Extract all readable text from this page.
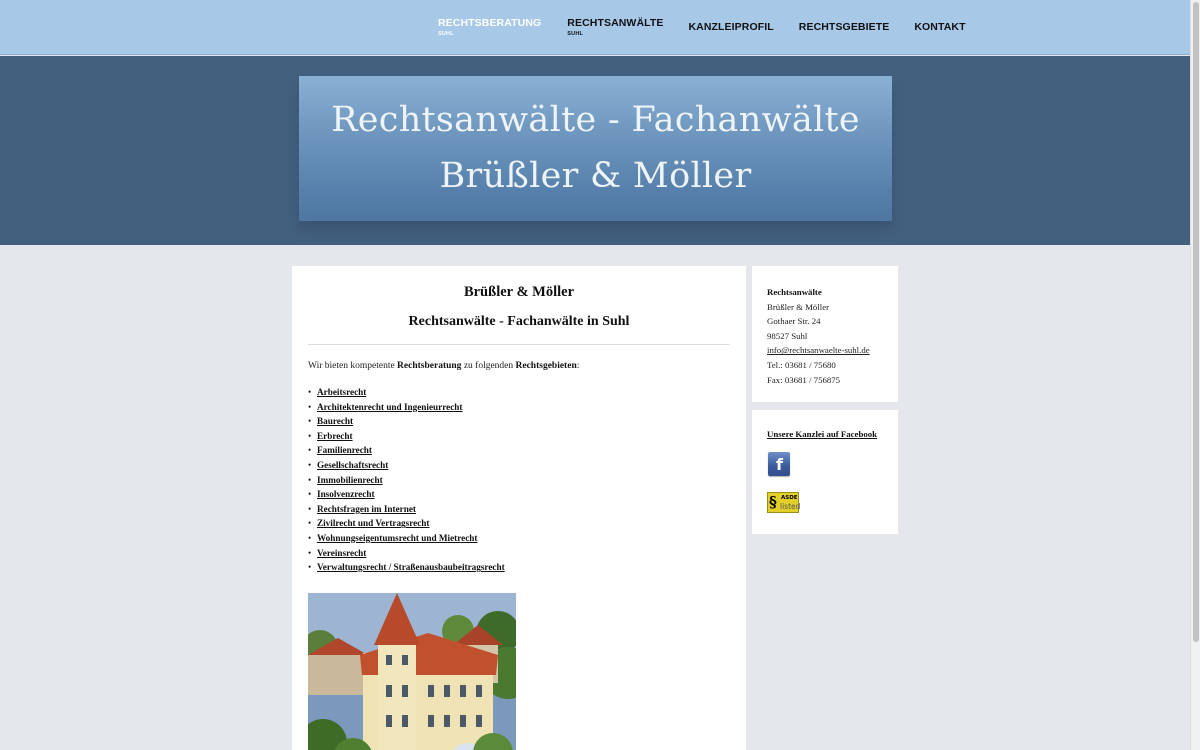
RECHTSBERATUNG
SUHL
RECHTSANWÄLTE
SUHL
KANZLEIPROFIL RECHTSGEBIETE KONTAKT
Rechtsanwälte - Fachanwälte
Brüßler & Möller
Brüßler & Möller
Rechtsanwälte - Fachanwälte in Suhl

Wir bieten kompetente Rechtsberatung zu folgenden Rechtsgebieten:

• Arbeitsrecht
• Architektenrecht und Ingenieurrecht
• Baurecht
• Erbrecht
• Familienrecht
• Gesellschaftsrecht
• Immobilienrecht
• Insolvenzrecht
• Rechtsfragen im Internet
• Zivilrecht und Vertragsrecht
• Wohnungseigentumsrecht und Mietrecht
• Vereinsrecht
• Verwaltungsrecht / Straßenausbaubeitragsrecht

Rechtsanwälte

Brüßler & Möller

Gothaer Str. 24

98527 Suhl

info@rechtsanwaelte-suhl.de

Tel.: 03681 / 75680

Fax: 03681 / 756875

Unsere Kanzlei auf Facebook
f
§ ASDE
listed
